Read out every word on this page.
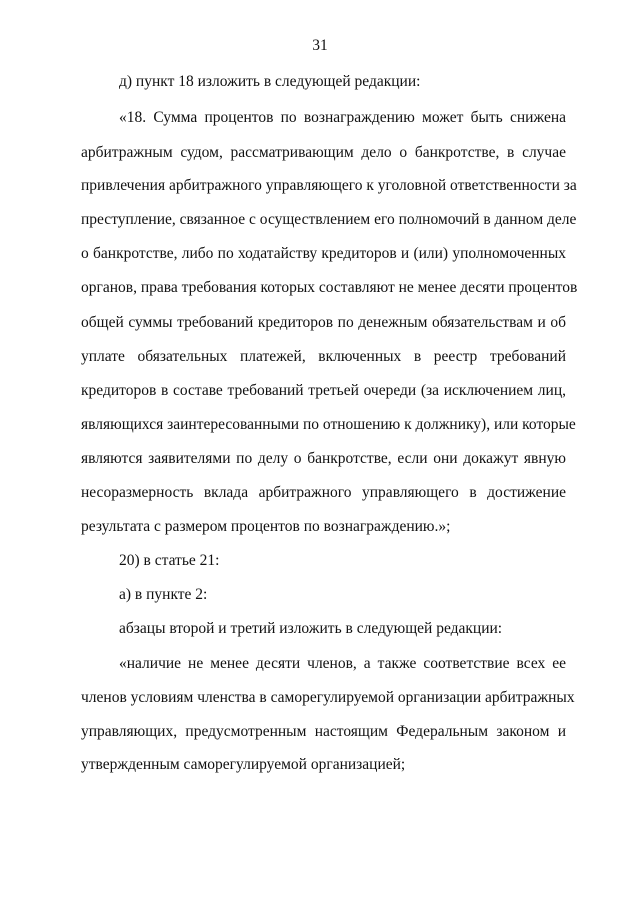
31
д) пункт 18 изложить в следующей редакции:
«18. Сумма процентов по вознаграждению может быть снижена
арбитражным судом, рассматривающим дело о банкротстве, в случае
привлечения арбитражного управляющего к уголовной ответственности за
преступление, связанное с осуществлением его полномочий в данном деле
о банкротстве, либо по ходатайству кредиторов и (или) уполномоченных
органов, права требования которых составляют не менее десяти процентов
общей суммы требований кредиторов по денежным обязательствам и об
уплате обязательных платежей, включенных в реестр требований
кредиторов в составе требований третьей очереди (за исключением лиц,
являющихся заинтересованными по отношению к должнику), или которые
являются заявителями по делу о банкротстве, если они докажут явную
несоразмерность вклада арбитражного управляющего в достижение
результата с размером процентов по вознаграждению.»;
20) в статье 21:
а) в пункте 2:
абзацы второй и третий изложить в следующей редакции:
«наличие не менее десяти членов, а также соответствие всех ее
членов условиям членства в саморегулируемой организации арбитражных
управляющих, предусмотренным настоящим Федеральным законом и
утвержденным саморегулируемой организацией;
